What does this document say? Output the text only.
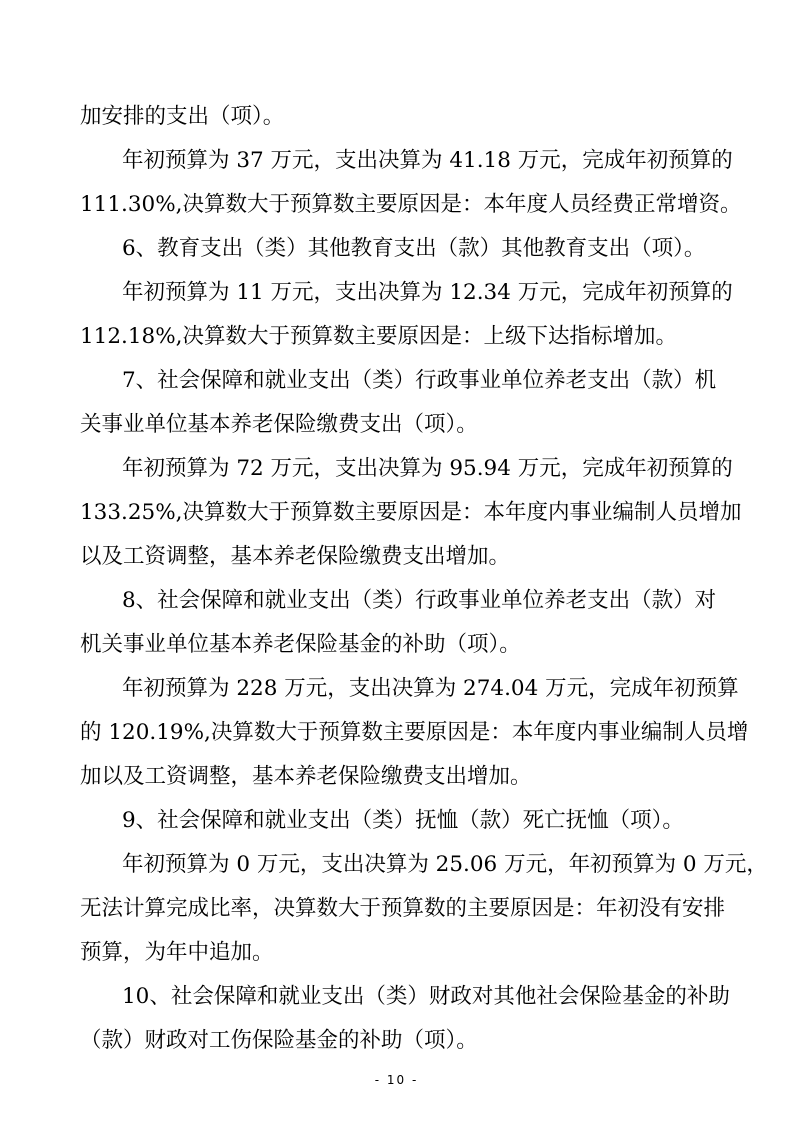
加安排的支出（项）。
年初预算为 37 万元，支出决算为 41.18 万元，完成年初预算的
111.30%,决算数大于预算数主要原因是：本年度人员经费正常增资。
6、教育支出（类）其他教育支出（款）其他教育支出（项）。
年初预算为 11 万元，支出决算为 12.34 万元，完成年初预算的
112.18%,决算数大于预算数主要原因是：上级下达指标增加。
7、社会保障和就业支出（类）行政事业单位养老支出（款）机
关事业单位基本养老保险缴费支出（项）。
年初预算为 72 万元，支出决算为 95.94 万元，完成年初预算的
133.25%,决算数大于预算数主要原因是：本年度内事业编制人员增加
以及工资调整，基本养老保险缴费支出增加。
8、社会保障和就业支出（类）行政事业单位养老支出（款）对
机关事业单位基本养老保险基金的补助（项）。
年初预算为 228 万元，支出决算为 274.04 万元，完成年初预算
的 120.19%,决算数大于预算数主要原因是：本年度内事业编制人员增
加以及工资调整，基本养老保险缴费支出增加。
9、社会保障和就业支出（类）抚恤（款）死亡抚恤（项）。
年初预算为 0 万元，支出决算为 25.06 万元，年初预算为 0 万元，
无法计算完成比率，决算数大于预算数的主要原因是：年初没有安排
预算，为年中追加。
10、社会保障和就业支出（类）财政对其他社会保险基金的补助
（款）财政对工伤保险基金的补助（项）。
- 10 -
